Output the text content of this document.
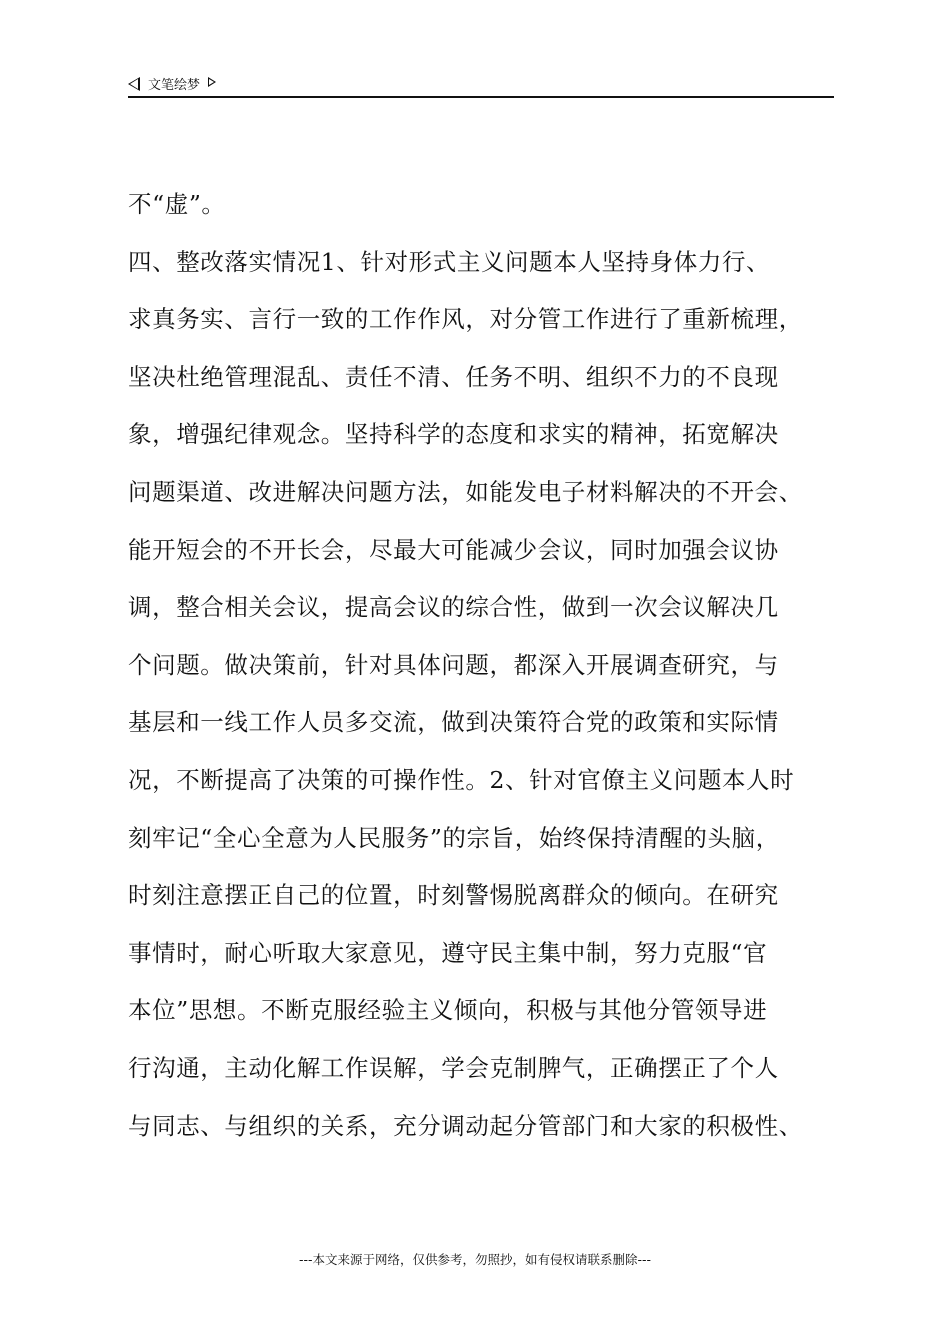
文笔绘梦
不“虚”。
四、整改落实情况1、针对形式主义问题本人坚持身体力行、
求真务实、言行一致的工作作风，对分管工作进行了重新梳理，
坚决杜绝管理混乱、责任不清、任务不明、组织不力的不良现
象，增强纪律观念。坚持科学的态度和求实的精神，拓宽解决
问题渠道、改进解决问题方法，如能发电子材料解决的不开会、
能开短会的不开长会，尽最大可能减少会议，同时加强会议协
调，整合相关会议，提高会议的综合性，做到一次会议解决几
个问题。做决策前，针对具体问题，都深入开展调查研究，与
基层和一线工作人员多交流，做到决策符合党的政策和实际情
况，不断提高了决策的可操作性。2、针对官僚主义问题本人时
刻牢记“全心全意为人民服务”的宗旨，始终保持清醒的头脑，
时刻注意摆正自己的位置，时刻警惕脱离群众的倾向。在研究
事情时，耐心听取大家意见，遵守民主集中制，努力克服“官
本位”思想。不断克服经验主义倾向，积极与其他分管领导进
行沟通，主动化解工作误解，学会克制脾气，正确摆正了个人
与同志、与组织的关系，充分调动起分管部门和大家的积极性、
---本文来源于网络，仅供参考，勿照抄，如有侵权请联系删除---
